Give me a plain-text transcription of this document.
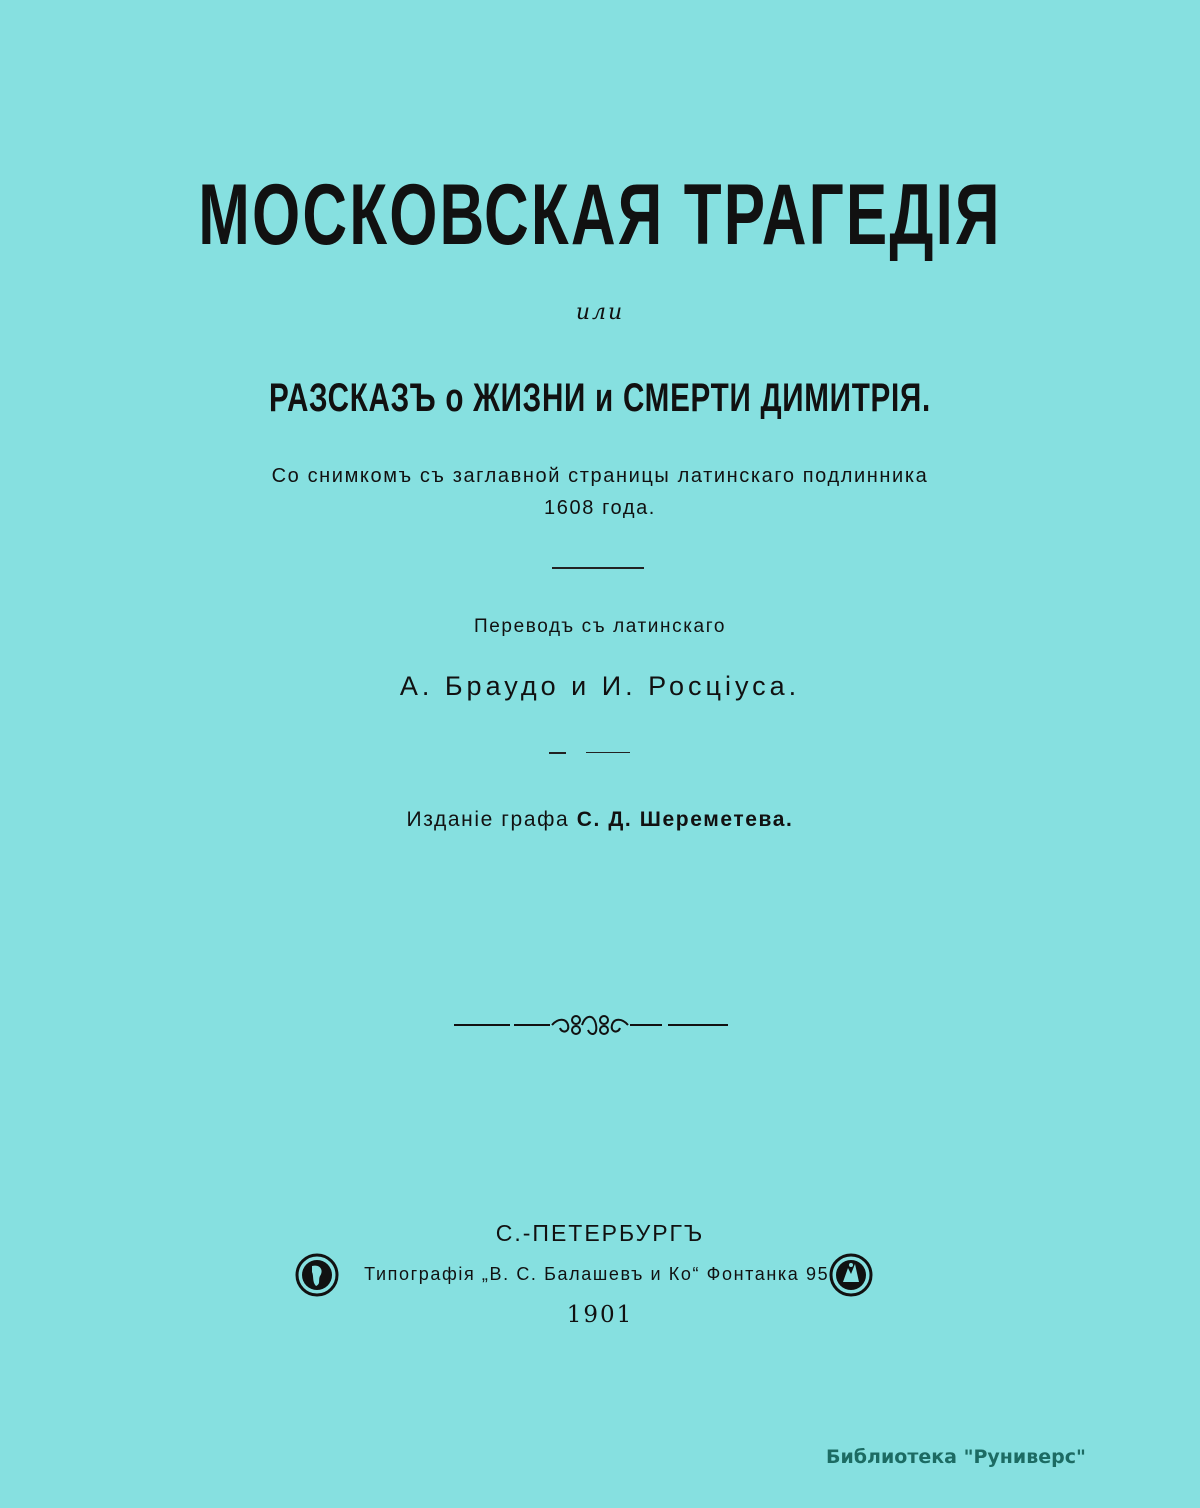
МОСКОВСКАЯ ТРАГЕДІЯ
или
РАЗСКАЗЪ о ЖИЗНИ и СМЕРТИ ДИМИТРІЯ.
Со снимкомъ съ заглавной страницы латинскаго подлинника
1608 года.
Переводъ съ латинскаго
А. Браудо и И. Росціуса.
Изданіе графа С. Д. Шереметева.
С.-ПЕТЕРБУРГЪ
Типографія „В. С. Балашевъ и Ко“ Фонтанка 95.
1901
Библиотека "Руниверс"
